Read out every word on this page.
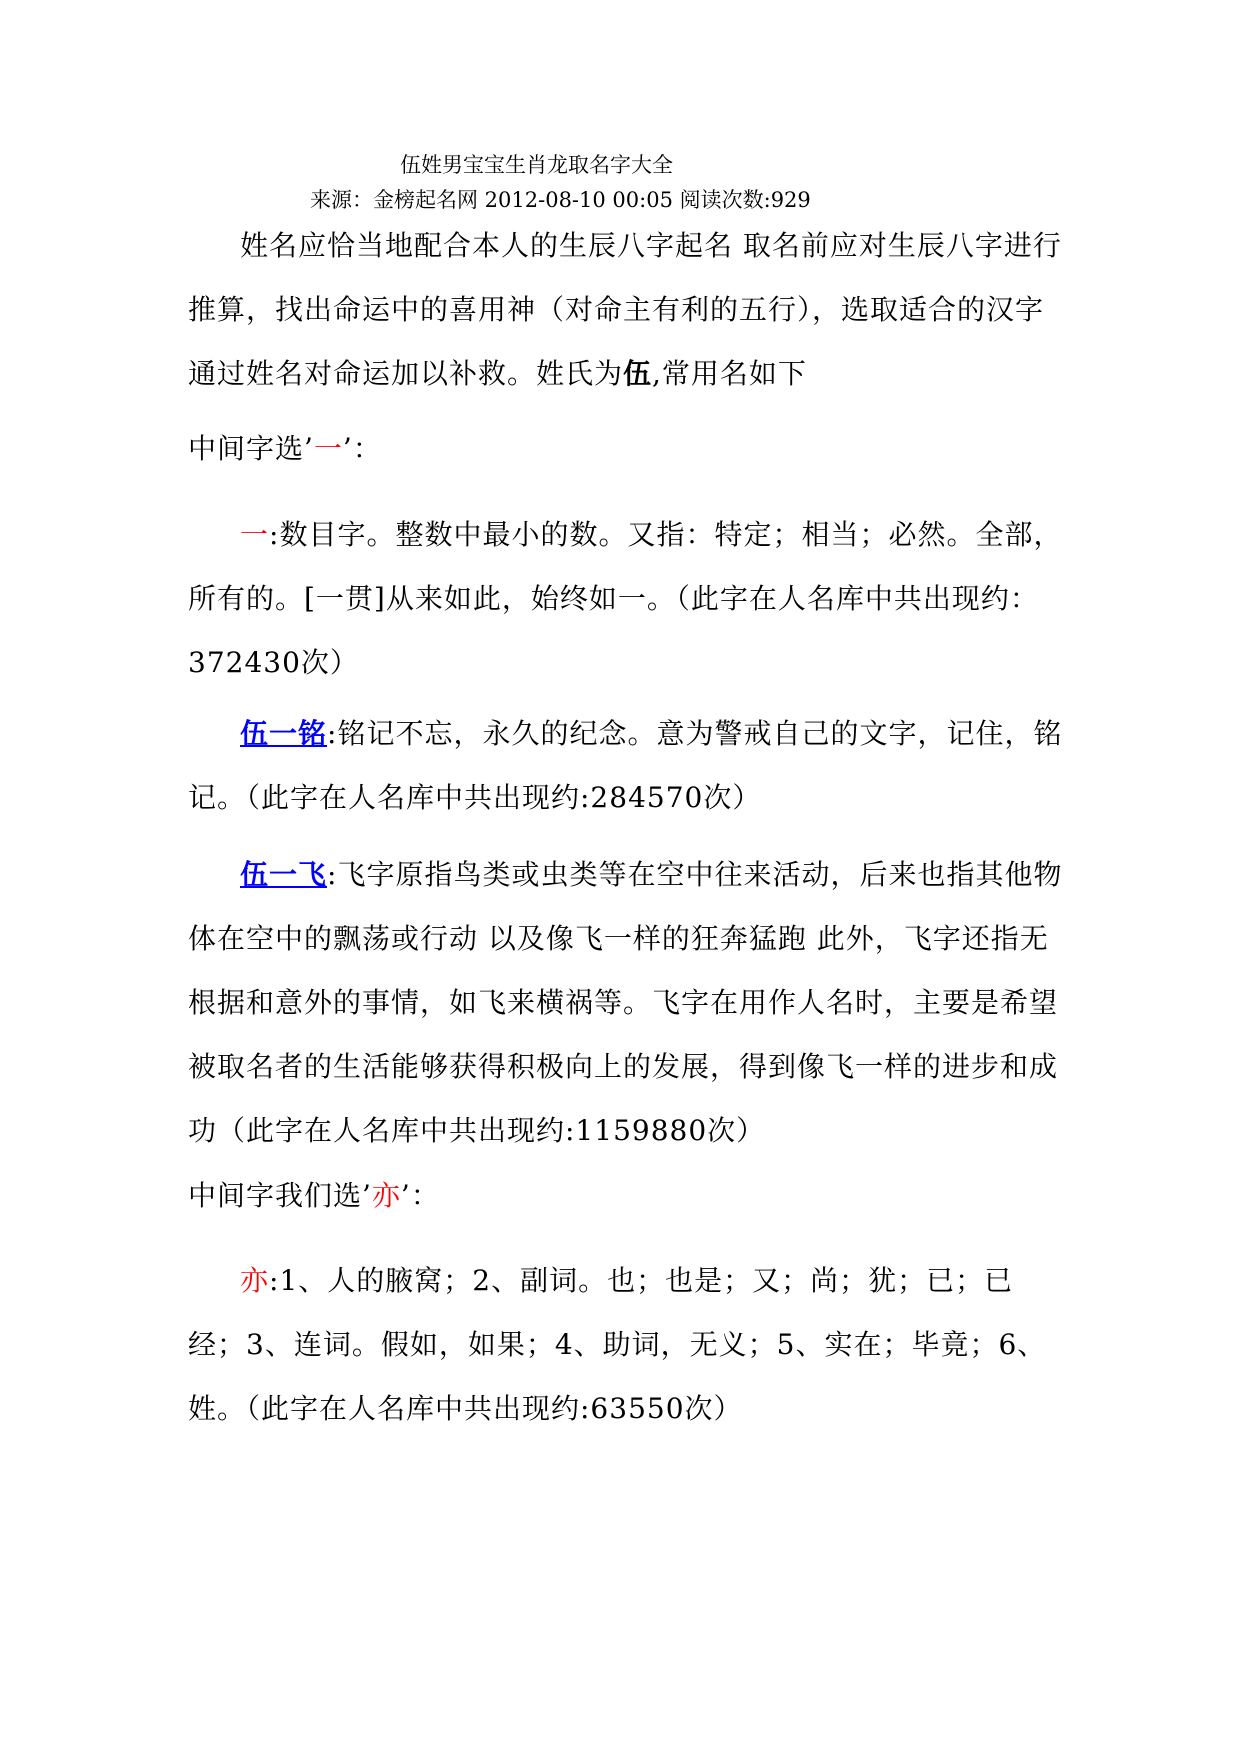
伍姓男宝宝生肖龙取名字大全
来源：金榜起名网 2012-08-10 00:05 阅读次数:929
姓名应恰当地配合本人的生辰八字起名 取名前应对生辰八字进行推算，找出命运中的喜用神（对命主有利的五行），选取适合的汉字通过姓名对命运加以补救。姓氏为伍,常用名如下
中间字选’一’：
一:数目字。整数中最小的数。又指：特定；相当；必然。全部，所有的。[一贯]从来如此，始终如一。（此字在人名库中共出现约：372430次）
伍一铭:铭记不忘，永久的纪念。意为警戒自己的文字，记住，铭记。（此字在人名库中共出现约:284570次）
伍一飞:飞字原指鸟类或虫类等在空中往来活动，后来也指其他物体在空中的飘荡或行动 以及像飞一样的狂奔猛跑 此外，飞字还指无根据和意外的事情，如飞来横祸等。飞字在用作人名时，主要是希望被取名者的生活能够获得积极向上的发展，得到像飞一样的进步和成功（此字在人名库中共出现约:1159880次）
中间字我们选’亦’：
亦:1、人的腋窝；2、副词。也；也是；又；尚；犹；已；已经；3、连词。假如，如果；4、助词，无义；5、实在；毕竟；6、姓。（此字在人名库中共出现约:63550次）
